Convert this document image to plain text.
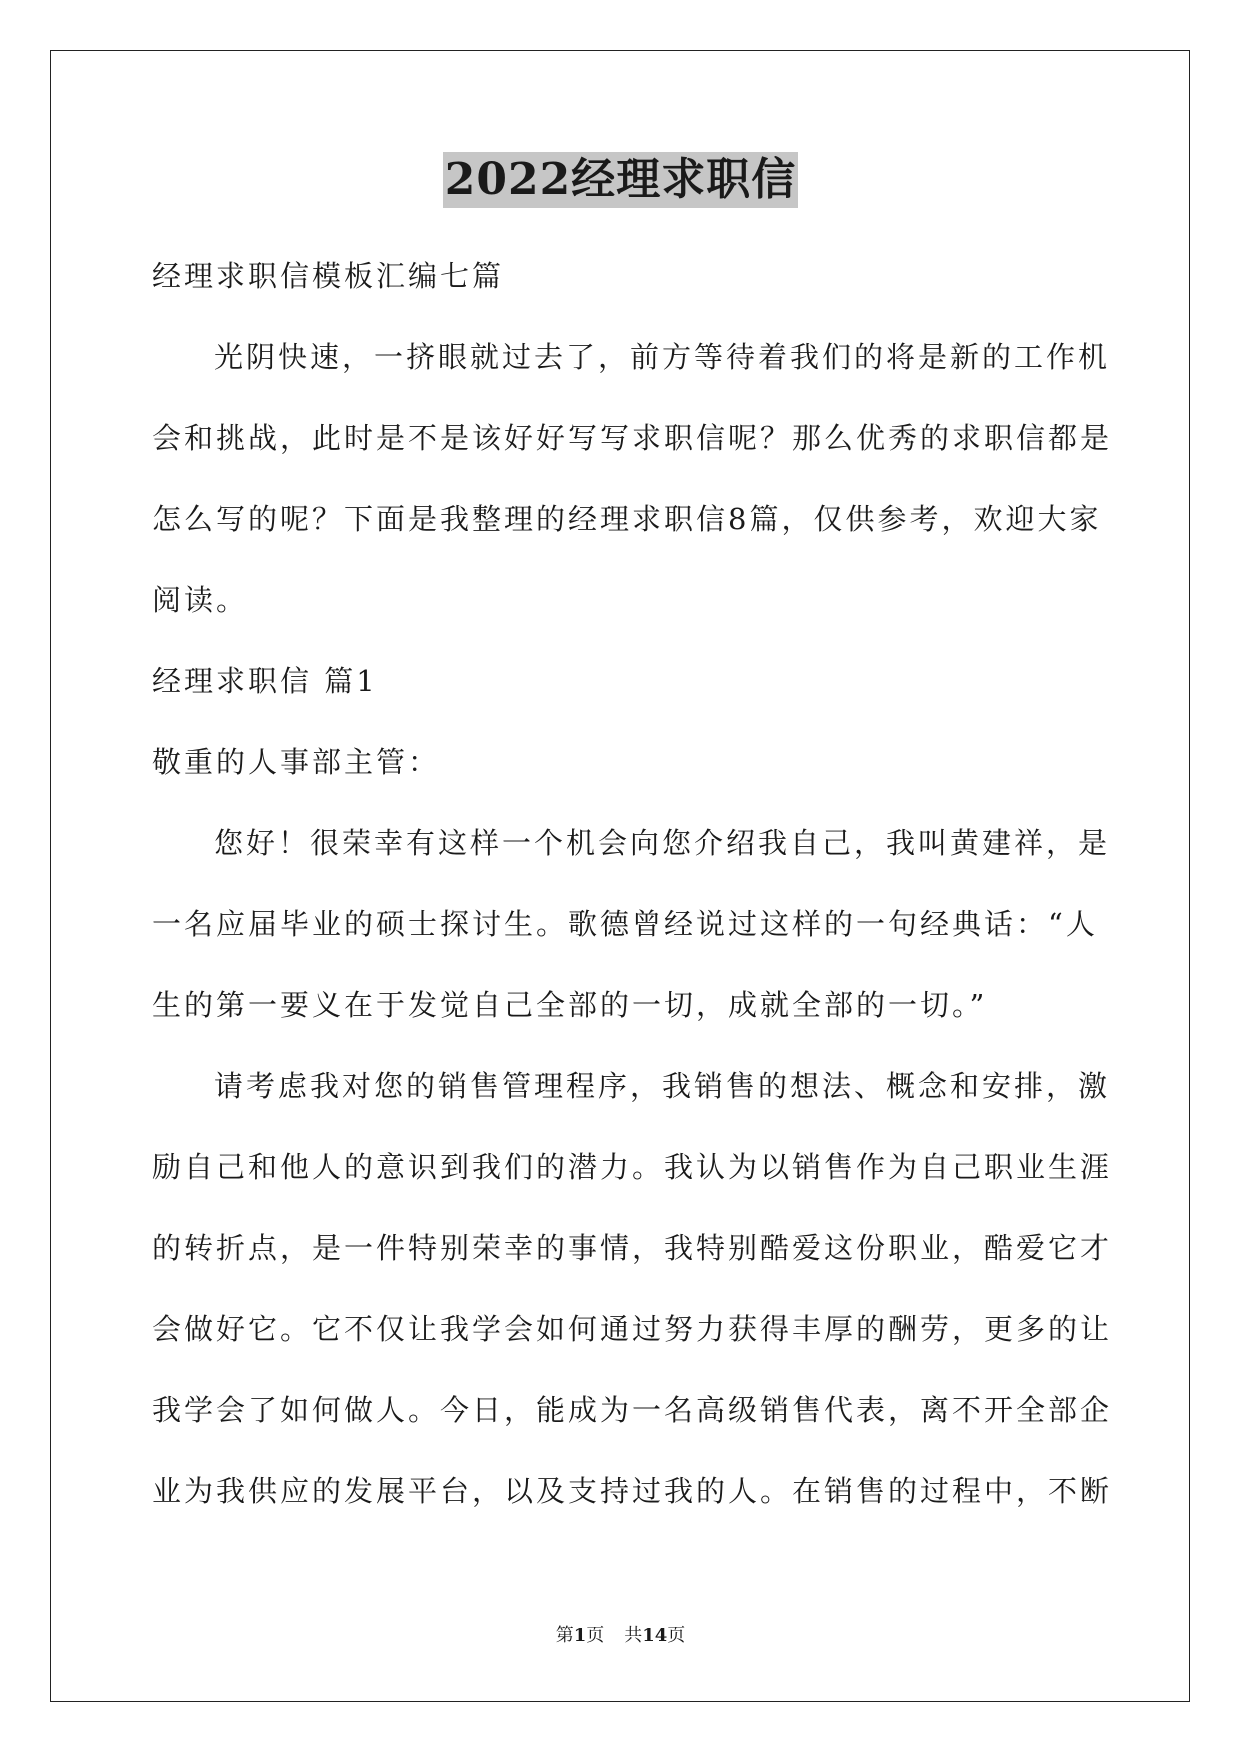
2022经理求职信
经理求职信模板汇编七篇
光阴快速，一挤眼就过去了，前方等待着我们的将是新的工作机
会和挑战，此时是不是该好好写写求职信呢？那么优秀的求职信都是
怎么写的呢？下面是我整理的经理求职信8篇，仅供参考，欢迎大家
阅读。
经理求职信 篇1
敬重的人事部主管：
您好！很荣幸有这样一个机会向您介绍我自己，我叫黄建祥，是
一名应届毕业的硕士探讨生。歌德曾经说过这样的一句经典话：“人
生的第一要义在于发觉自己全部的一切，成就全部的一切。”
请考虑我对您的销售管理程序，我销售的想法、概念和安排，激
励自己和他人的意识到我们的潜力。我认为以销售作为自己职业生涯
的转折点，是一件特别荣幸的事情，我特别酷爱这份职业，酷爱它才
会做好它。它不仅让我学会如何通过努力获得丰厚的酬劳，更多的让
我学会了如何做人。今日，能成为一名高级销售代表，离不开全部企
业为我供应的发展平台，以及支持过我的人。在销售的过程中，不断
第1页 共14页
